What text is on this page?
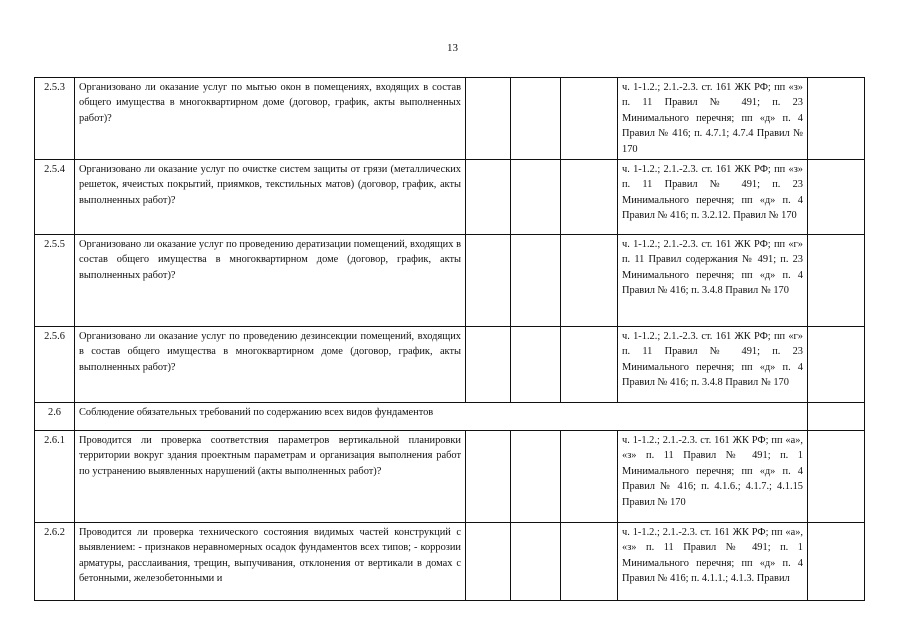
13
2.5.3	Организовано ли оказание услуг по мытью окон в помещениях, входящих в состав общего имущества в многоквартирном доме (договор, график, акты выполненных работ)?				ч. 1-1.2.; 2.1.-2.3. ст. 161 ЖК РФ; пп «з» п. 11 Правил № 491; п. 23 Минимального перечня; пп «д» п. 4 Правил № 416; п. 4.7.1; 4.7.4 Правил № 170	
2.5.4	Организовано ли оказание услуг по очистке систем защиты от грязи (металлических решеток, ячеистых покрытий, приямков, текстильных матов) (договор, график, акты выполненных работ)?				ч. 1-1.2.; 2.1.-2.3. ст. 161 ЖК РФ; пп «з» п. 11 Правил № 491; п. 23 Минимального перечня; пп «д» п. 4 Правил № 416; п. 3.2.12. Правил № 170	
2.5.5	Организовано ли оказание услуг по проведению дератизации помещений, входящих в состав общего имущества в многоквартирном доме (договор, график, акты выполненных работ)?				ч. 1-1.2.; 2.1.-2.3. ст. 161 ЖК РФ; пп «г» п. 11 Правил содержания № 491; п. 23 Минимального перечня; пп «д» п. 4 Правил № 416; п. 3.4.8 Правил № 170	
2.5.6	Организовано ли оказание услуг по проведению дезинсекции помещений, входящих в состав общего имущества в многоквартирном доме (договор, график, акты выполненных работ)?				ч. 1-1.2.; 2.1.-2.3. ст. 161 ЖК РФ; пп «г» п. 11 Правил № 491; п. 23 Минимального перечня; пп «д» п. 4 Правил № 416; п. 3.4.8 Правил № 170	
2.6	Соблюдение обязательных требований по содержанию всех видов фундаментов					
2.6.1	Проводится ли проверка соответствия параметров вертикальной планировки территории вокруг здания проектным параметрам и организация выполнения работ по устранению выявленных нарушений (акты выполненных работ)?				ч. 1-1.2.; 2.1.-2.3. ст. 161 ЖК РФ; пп «а», «з» п. 11 Правил № 491; п. 1 Минимального перечня; пп «д» п. 4 Правил № 416; п. 4.1.6.; 4.1.7.; 4.1.15 Правил № 170	
2.6.2	Проводится ли проверка технического состояния видимых частей конструкций с выявлением: - признаков неравномерных осадок фундаментов всех типов; - коррозии арматуры, расслаивания, трещин, выпучивания, отклонения от вертикали в домах с бетонными, железобетонными и				ч. 1-1.2.; 2.1.-2.3. ст. 161 ЖК РФ; пп «а», «з» п. 11 Правил № 491; п. 1 Минимального перечня; пп «д» п. 4 Правил № 416; п. 4.1.1.; 4.1.3. Правил	
